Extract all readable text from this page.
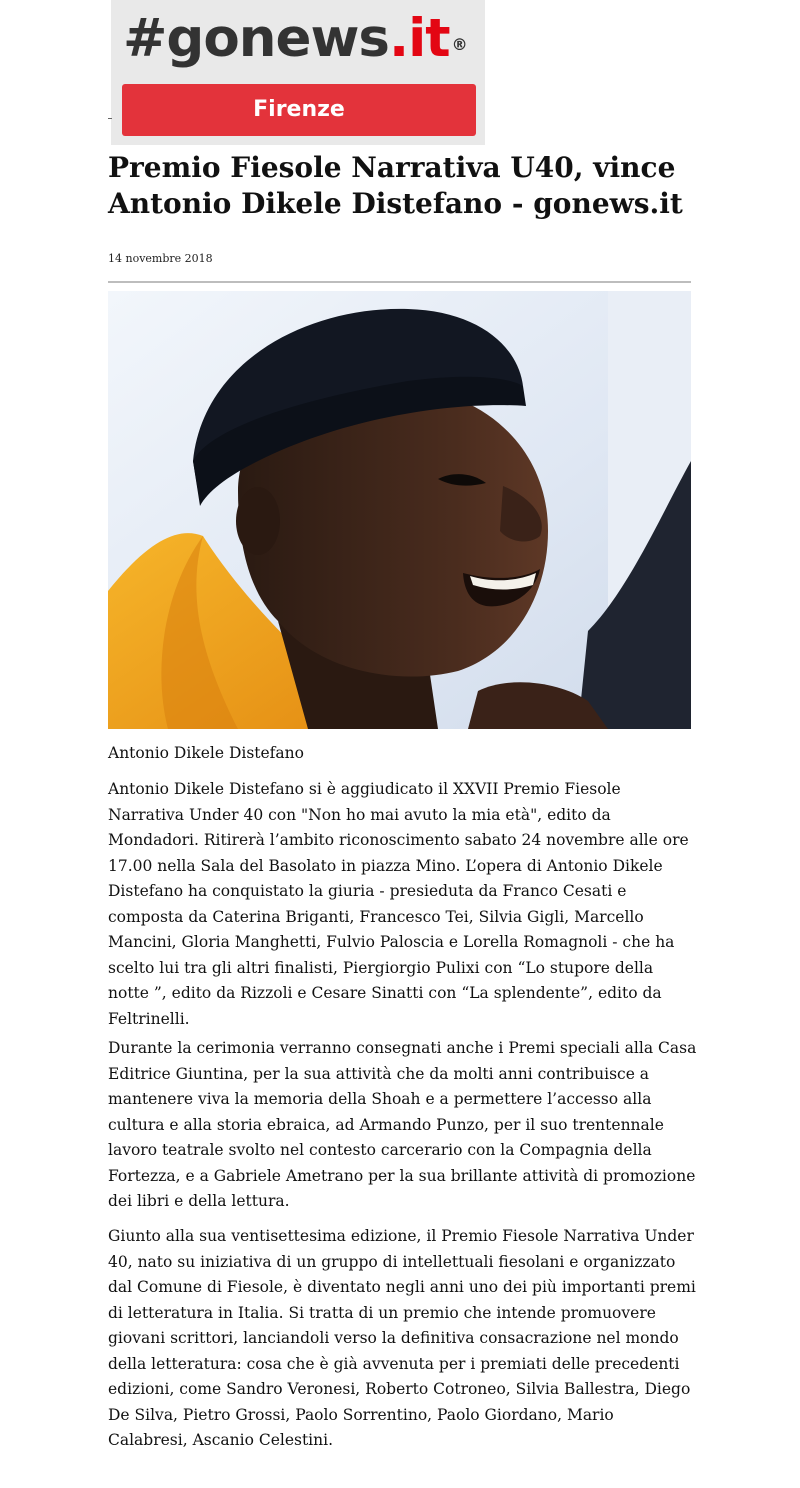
#gonews.it ®
Firenze
Premio Fiesole Narrativa U40, vince Antonio Dikele Distefano - gonews.it
14 novembre 2018
Antonio Dikele Distefano

Antonio Dikele Distefano si è aggiudicato il XXVII Premio Fiesole Narrativa Under 40 con "Non ho mai avuto la mia età", edito da Mondadori. Ritirerà l’ambito riconoscimento sabato 24 novembre alle ore 17.00 nella Sala del Basolato in piazza Mino. L’opera di Antonio Dikele Distefano ha conquistato la giuria - presieduta da Franco Cesati e composta da Caterina Briganti, Francesco Tei, Silvia Gigli, Marcello Mancini, Gloria Manghetti, Fulvio Paloscia e Lorella Romagnoli - che ha scelto lui tra gli altri finalisti, Piergiorgio Pulixi con “Lo stupore della notte ”, edito da Rizzoli e Cesare Sinatti con “La splendente”, edito da Feltrinelli.

Durante la cerimonia verranno consegnati anche i Premi speciali alla Casa Editrice Giuntina, per la sua attività che da molti anni contribuisce a mantenere viva la memoria della Shoah e a permettere l’accesso alla cultura e alla storia ebraica, ad Armando Punzo, per il suo trentennale lavoro teatrale svolto nel contesto carcerario con la Compagnia della Fortezza, e a Gabriele Ametrano per la sua brillante attività di promozione dei libri e della lettura.

Giunto alla sua ventisettesima edizione, il Premio Fiesole Narrativa Under 40, nato su iniziativa di un gruppo di intellettuali fiesolani e organizzato dal Comune di Fiesole, è diventato negli anni uno dei più importanti premi di letteratura in Italia. Si tratta di un premio che intende promuovere giovani scrittori, lanciandoli verso la definitiva consacrazione nel mondo della letteratura: cosa che è già avvenuta per i premiati delle precedenti edizioni, come Sandro Veronesi, Roberto Cotroneo, Silvia Ballestra, Diego De Silva, Pietro Grossi, Paolo Sorrentino, Paolo Giordano, Mario Calabresi, Ascanio Celestini.
